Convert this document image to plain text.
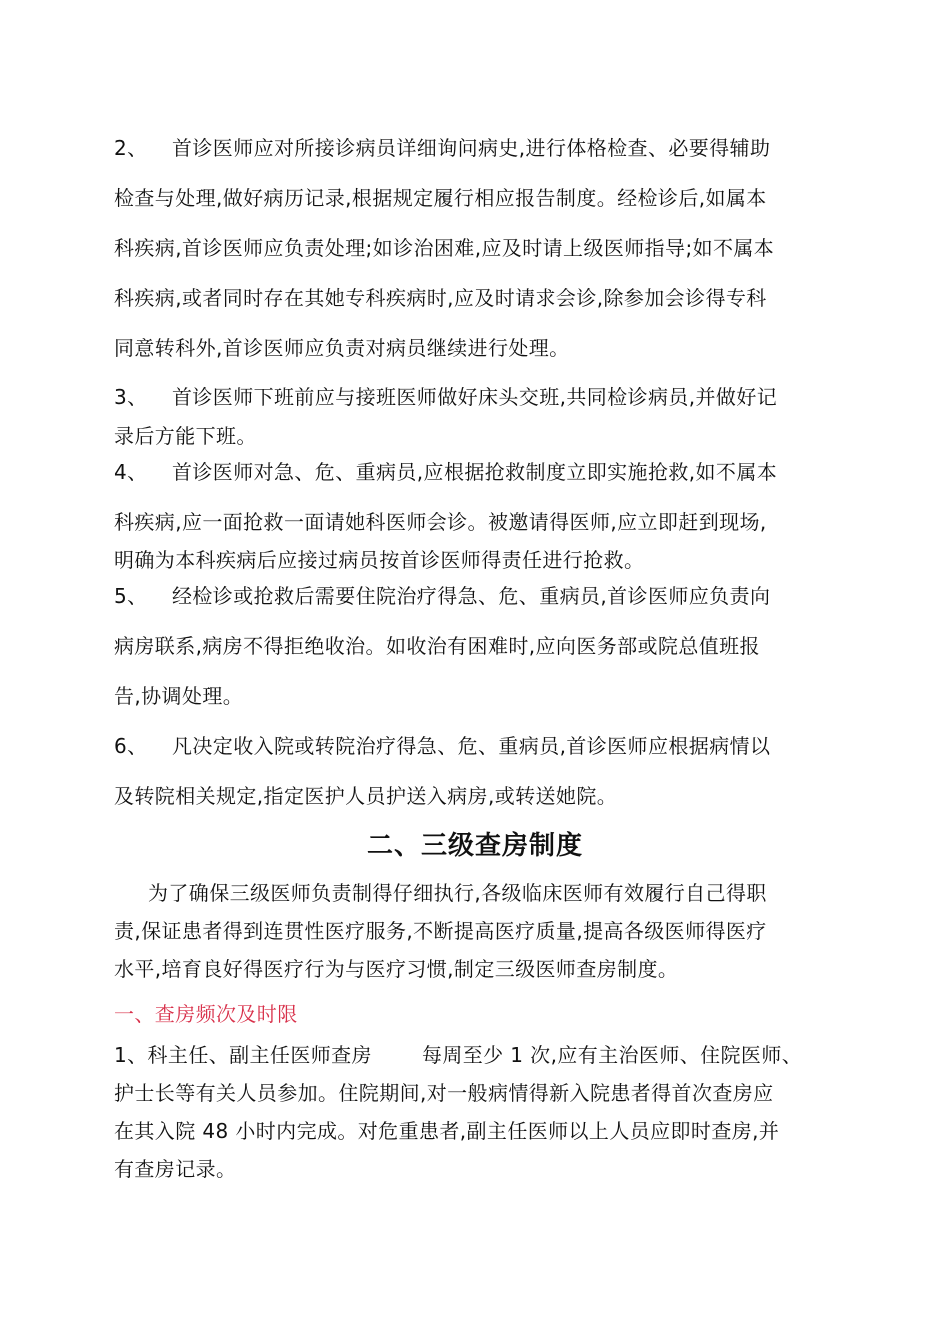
2、 首诊医师应对所接诊病员详细询问病史,进行体格检查、必要得辅助
检查与处理,做好病历记录,根据规定履行相应报告制度。经检诊后,如属本
科疾病,首诊医师应负责处理;如诊治困难,应及时请上级医师指导;如不属本
科疾病,或者同时存在其她专科疾病时,应及时请求会诊,除参加会诊得专科
同意转科外,首诊医师应负责对病员继续进行处理。
3、 首诊医师下班前应与接班医师做好床头交班,共同检诊病员,并做好记
录后方能下班。
4、 首诊医师对急、危、重病员,应根据抢救制度立即实施抢救,如不属本
科疾病,应一面抢救一面请她科医师会诊。被邀请得医师,应立即赶到现场,
明确为本科疾病后应接过病员按首诊医师得责任进行抢救。
5、 经检诊或抢救后需要住院治疗得急、危、重病员,首诊医师应负责向
病房联系,病房不得拒绝收治。如收治有困难时,应向医务部或院总值班报
告,协调处理。
6、 凡决定收入院或转院治疗得急、危、重病员,首诊医师应根据病情以
及转院相关规定,指定医护人员护送入病房,或转送她院。
二、三级查房制度
为了确保三级医师负责制得仔细执行,各级临床医师有效履行自己得职
责,保证患者得到连贯性医疗服务,不断提高医疗质量,提高各级医师得医疗
水平,培育良好得医疗行为与医疗习惯,制定三级医师查房制度。
一、查房频次及时限
1、科主任、副主任医师查房	每周至少 1 次,应有主治医师、住院医师、
护士长等有关人员参加。住院期间,对一般病情得新入院患者得首次查房应
在其入院 48 小时内完成。对危重患者,副主任医师以上人员应即时查房,并
有查房记录。
